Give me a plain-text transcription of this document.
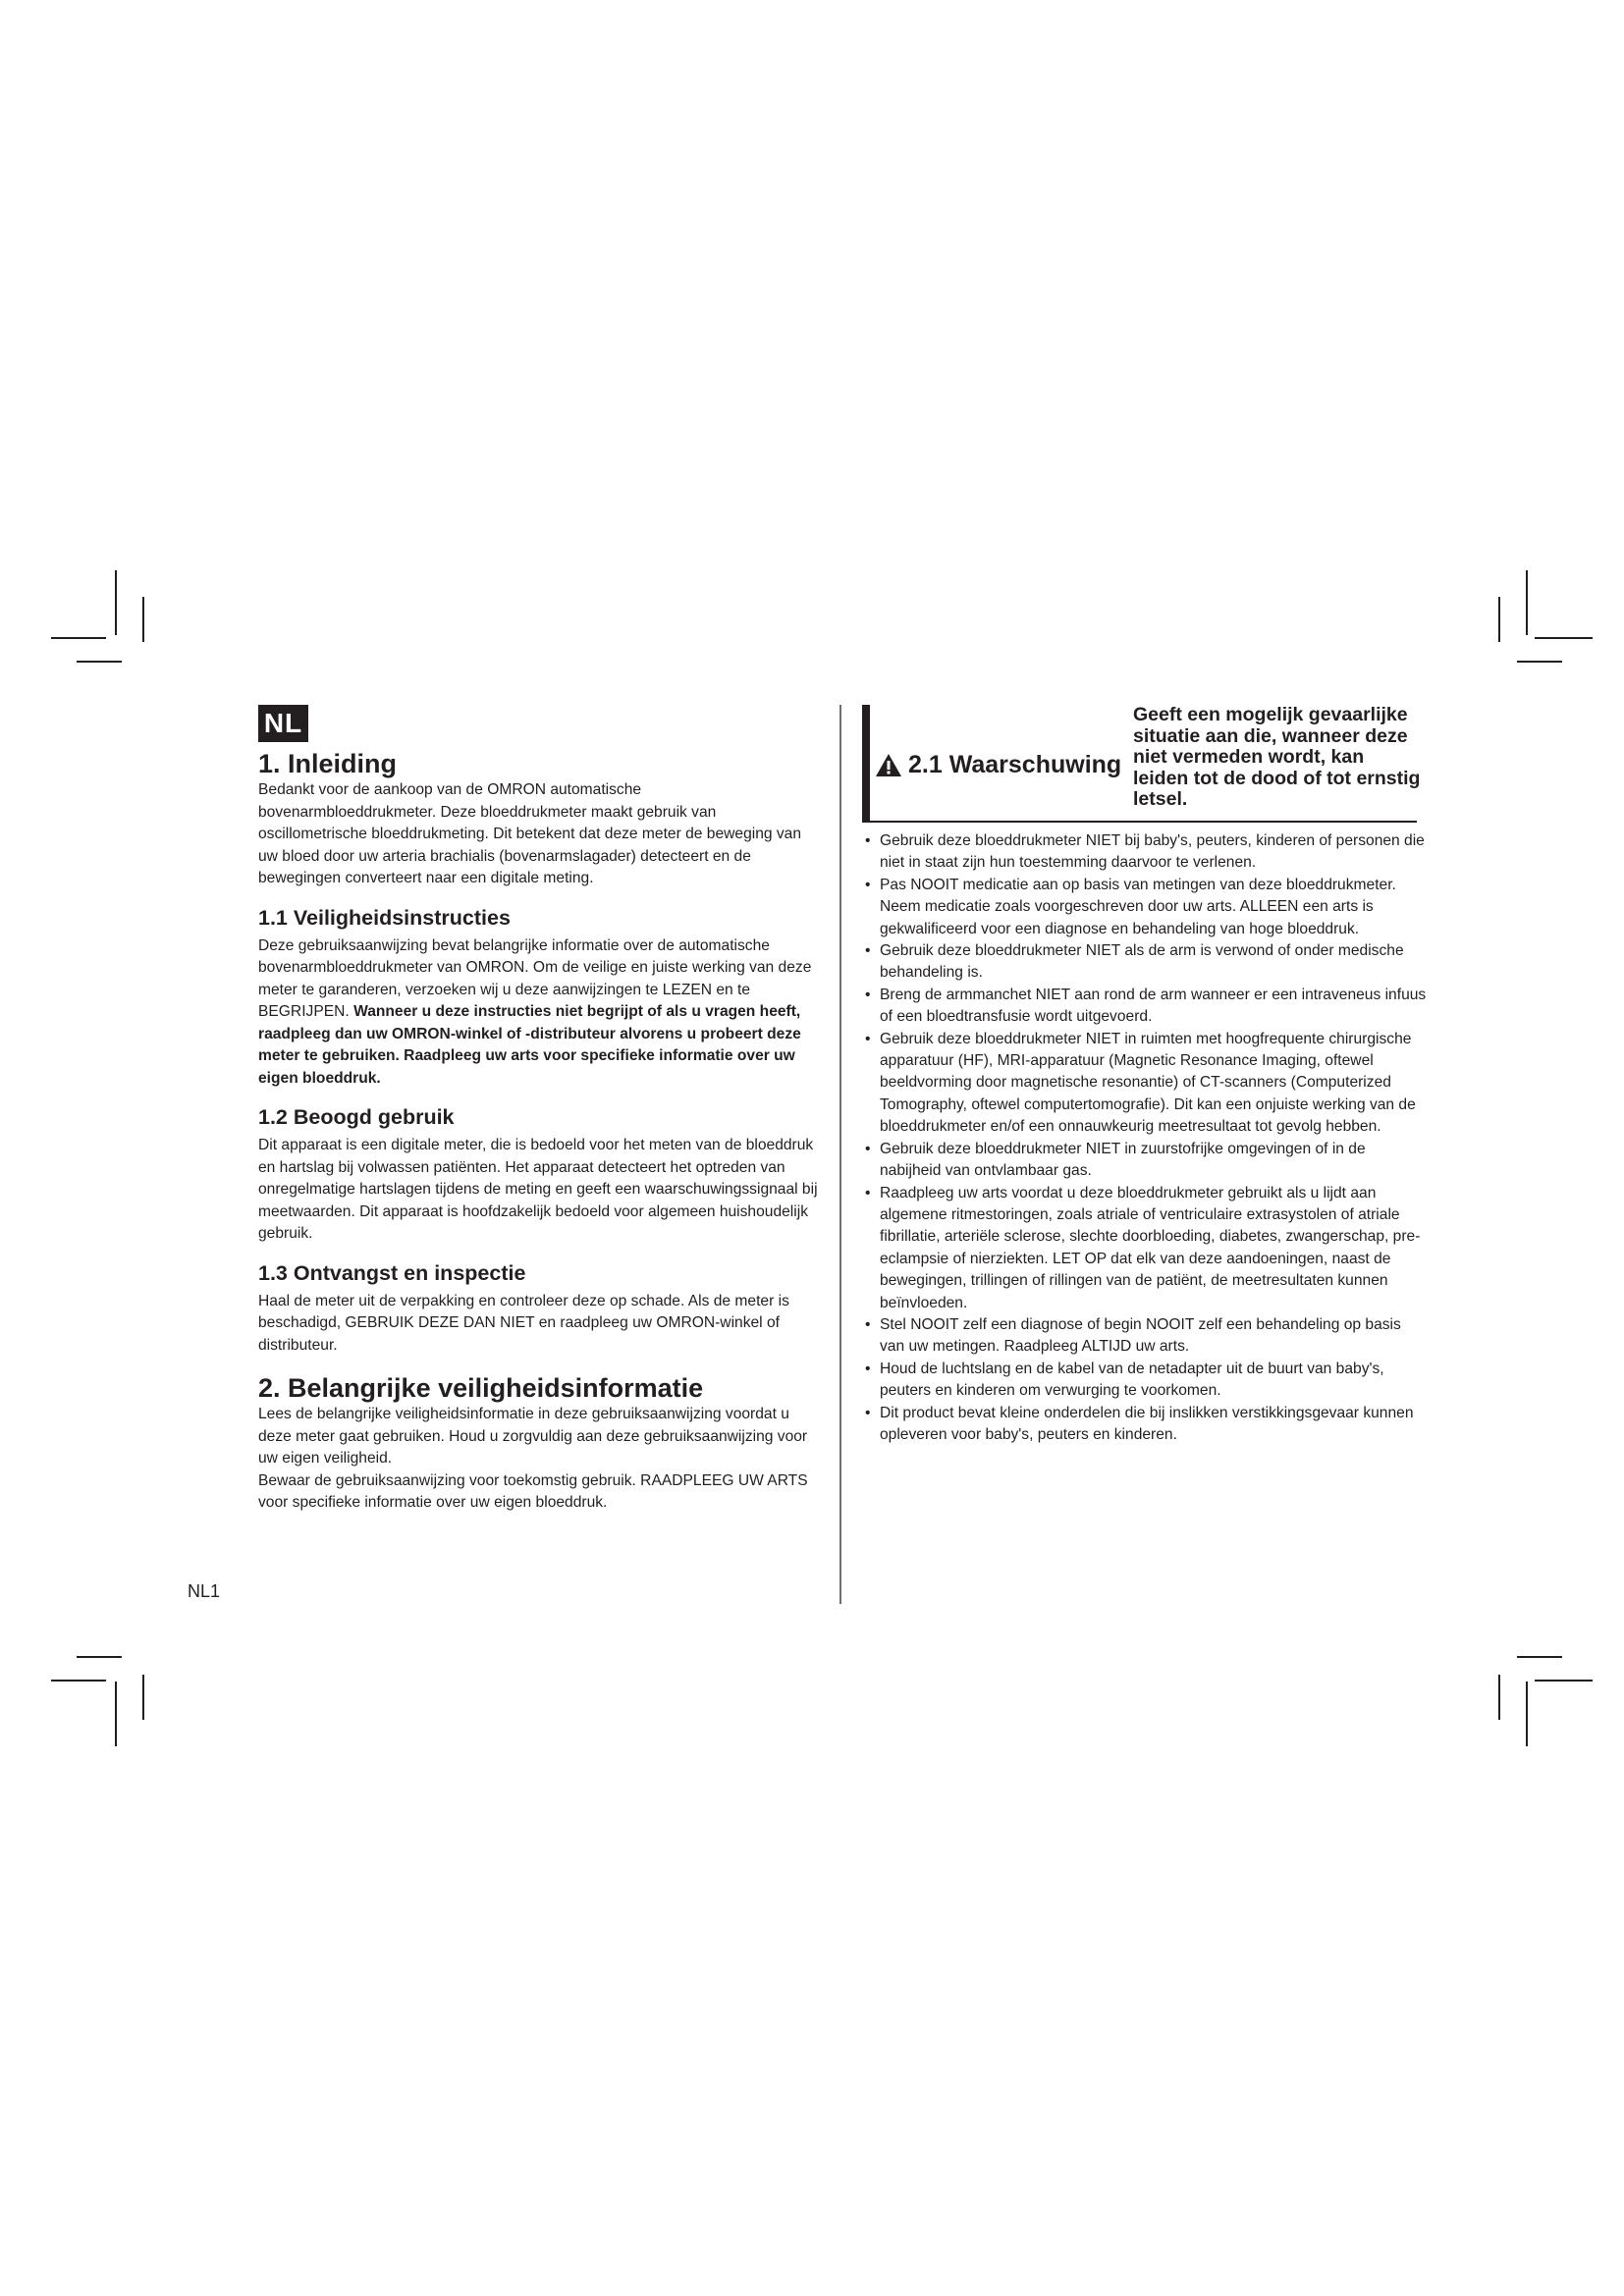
NL
1. Inleiding

Bedankt voor de aankoop van de OMRON automatische bovenarmbloeddrukmeter. Deze bloeddrukmeter maakt gebruik van oscillometrische bloeddrukmeting. Dit betekent dat deze meter de beweging van uw bloed door uw arteria brachialis (bovenarmslagader) detecteert en de bewegingen converteert naar een digitale meting.

1.1 Veiligheidsinstructies

Deze gebruiksaanwijzing bevat belangrijke informatie over de automatische bovenarmbloeddrukmeter van OMRON. Om de veilige en juiste werking van deze meter te garanderen, verzoeken wij u deze aanwijzingen te LEZEN en te BEGRIJPEN. Wanneer u deze instructies niet begrijpt of als u vragen heeft, raadpleeg dan uw OMRON-winkel of -distributeur alvorens u probeert deze meter te gebruiken. Raadpleeg uw arts voor specifieke informatie over uw eigen bloeddruk.

1.2 Beoogd gebruik

Dit apparaat is een digitale meter, die is bedoeld voor het meten van de bloeddruk en hartslag bij volwassen patiënten. Het apparaat detecteert het optreden van onregelmatige hartslagen tijdens de meting en geeft een waarschuwingssignaal bij meetwaarden. Dit apparaat is hoofdzakelijk bedoeld voor algemeen huishoudelijk gebruik.

1.3 Ontvangst en inspectie

Haal de meter uit de verpakking en controleer deze op schade. Als de meter is beschadigd, GEBRUIK DEZE DAN NIET en raadpleeg uw OMRON-winkel of distributeur.

2. Belangrijke veiligheidsinformatie

Lees de belangrijke veiligheidsinformatie in deze gebruiksaanwijzing voordat u deze meter gaat gebruiken. Houd u zorgvuldig aan deze gebruiksaanwijzing voor uw eigen veiligheid.

Bewaar de gebruiksaanwijzing voor toekomstig gebruik. RAADPLEEG UW ARTS voor specifieke informatie over uw eigen bloeddruk.

2.1 Waarschuwing
Geeft een mogelijk gevaarlijke situatie aan die, wanneer deze niet vermeden wordt, kan leiden tot de dood of tot ernstig letsel.
• Gebruik deze bloeddrukmeter NIET bij baby's, peuters, kinderen of personen die niet in staat zijn hun toestemming daarvoor te verlenen.
• Pas NOOIT medicatie aan op basis van metingen van deze bloeddrukmeter. Neem medicatie zoals voorgeschreven door uw arts. ALLEEN een arts is gekwalificeerd voor een diagnose en behandeling van hoge bloeddruk.
• Gebruik deze bloeddrukmeter NIET als de arm is verwond of onder medische behandeling is.
• Breng de armmanchet NIET aan rond de arm wanneer er een intraveneus infuus of een bloedtransfusie wordt uitgevoerd.
• Gebruik deze bloeddrukmeter NIET in ruimten met hoogfrequente chirurgische apparatuur (HF), MRI-apparatuur (Magnetic Resonance Imaging, oftewel beeldvorming door magnetische resonantie) of CT-scanners (Computerized Tomography, oftewel computertomografie). Dit kan een onjuiste werking van de bloeddrukmeter en/of een onnauwkeurig meetresultaat tot gevolg hebben.
• Gebruik deze bloeddrukmeter NIET in zuurstofrijke omgevingen of in de nabijheid van ontvlambaar gas.
• Raadpleeg uw arts voordat u deze bloeddrukmeter gebruikt als u lijdt aan algemene ritmestoringen, zoals atriale of ventriculaire extrasystolen of atriale fibrillatie, arteriële sclerose, slechte doorbloeding, diabetes, zwangerschap, pre-eclampsie of nierziekten. LET OP dat elk van deze aandoeningen, naast de bewegingen, trillingen of rillingen van de patiënt, de meetresultaten kunnen beïnvloeden.
• Stel NOOIT zelf een diagnose of begin NOOIT zelf een behandeling op basis van uw metingen. Raadpleeg ALTIJD uw arts.
• Houd de luchtslang en de kabel van de netadapter uit de buurt van baby's, peuters en kinderen om verwurging te voorkomen.
• Dit product bevat kleine onderdelen die bij inslikken verstikkingsgevaar kunnen opleveren voor baby's, peuters en kinderen.
NL1
